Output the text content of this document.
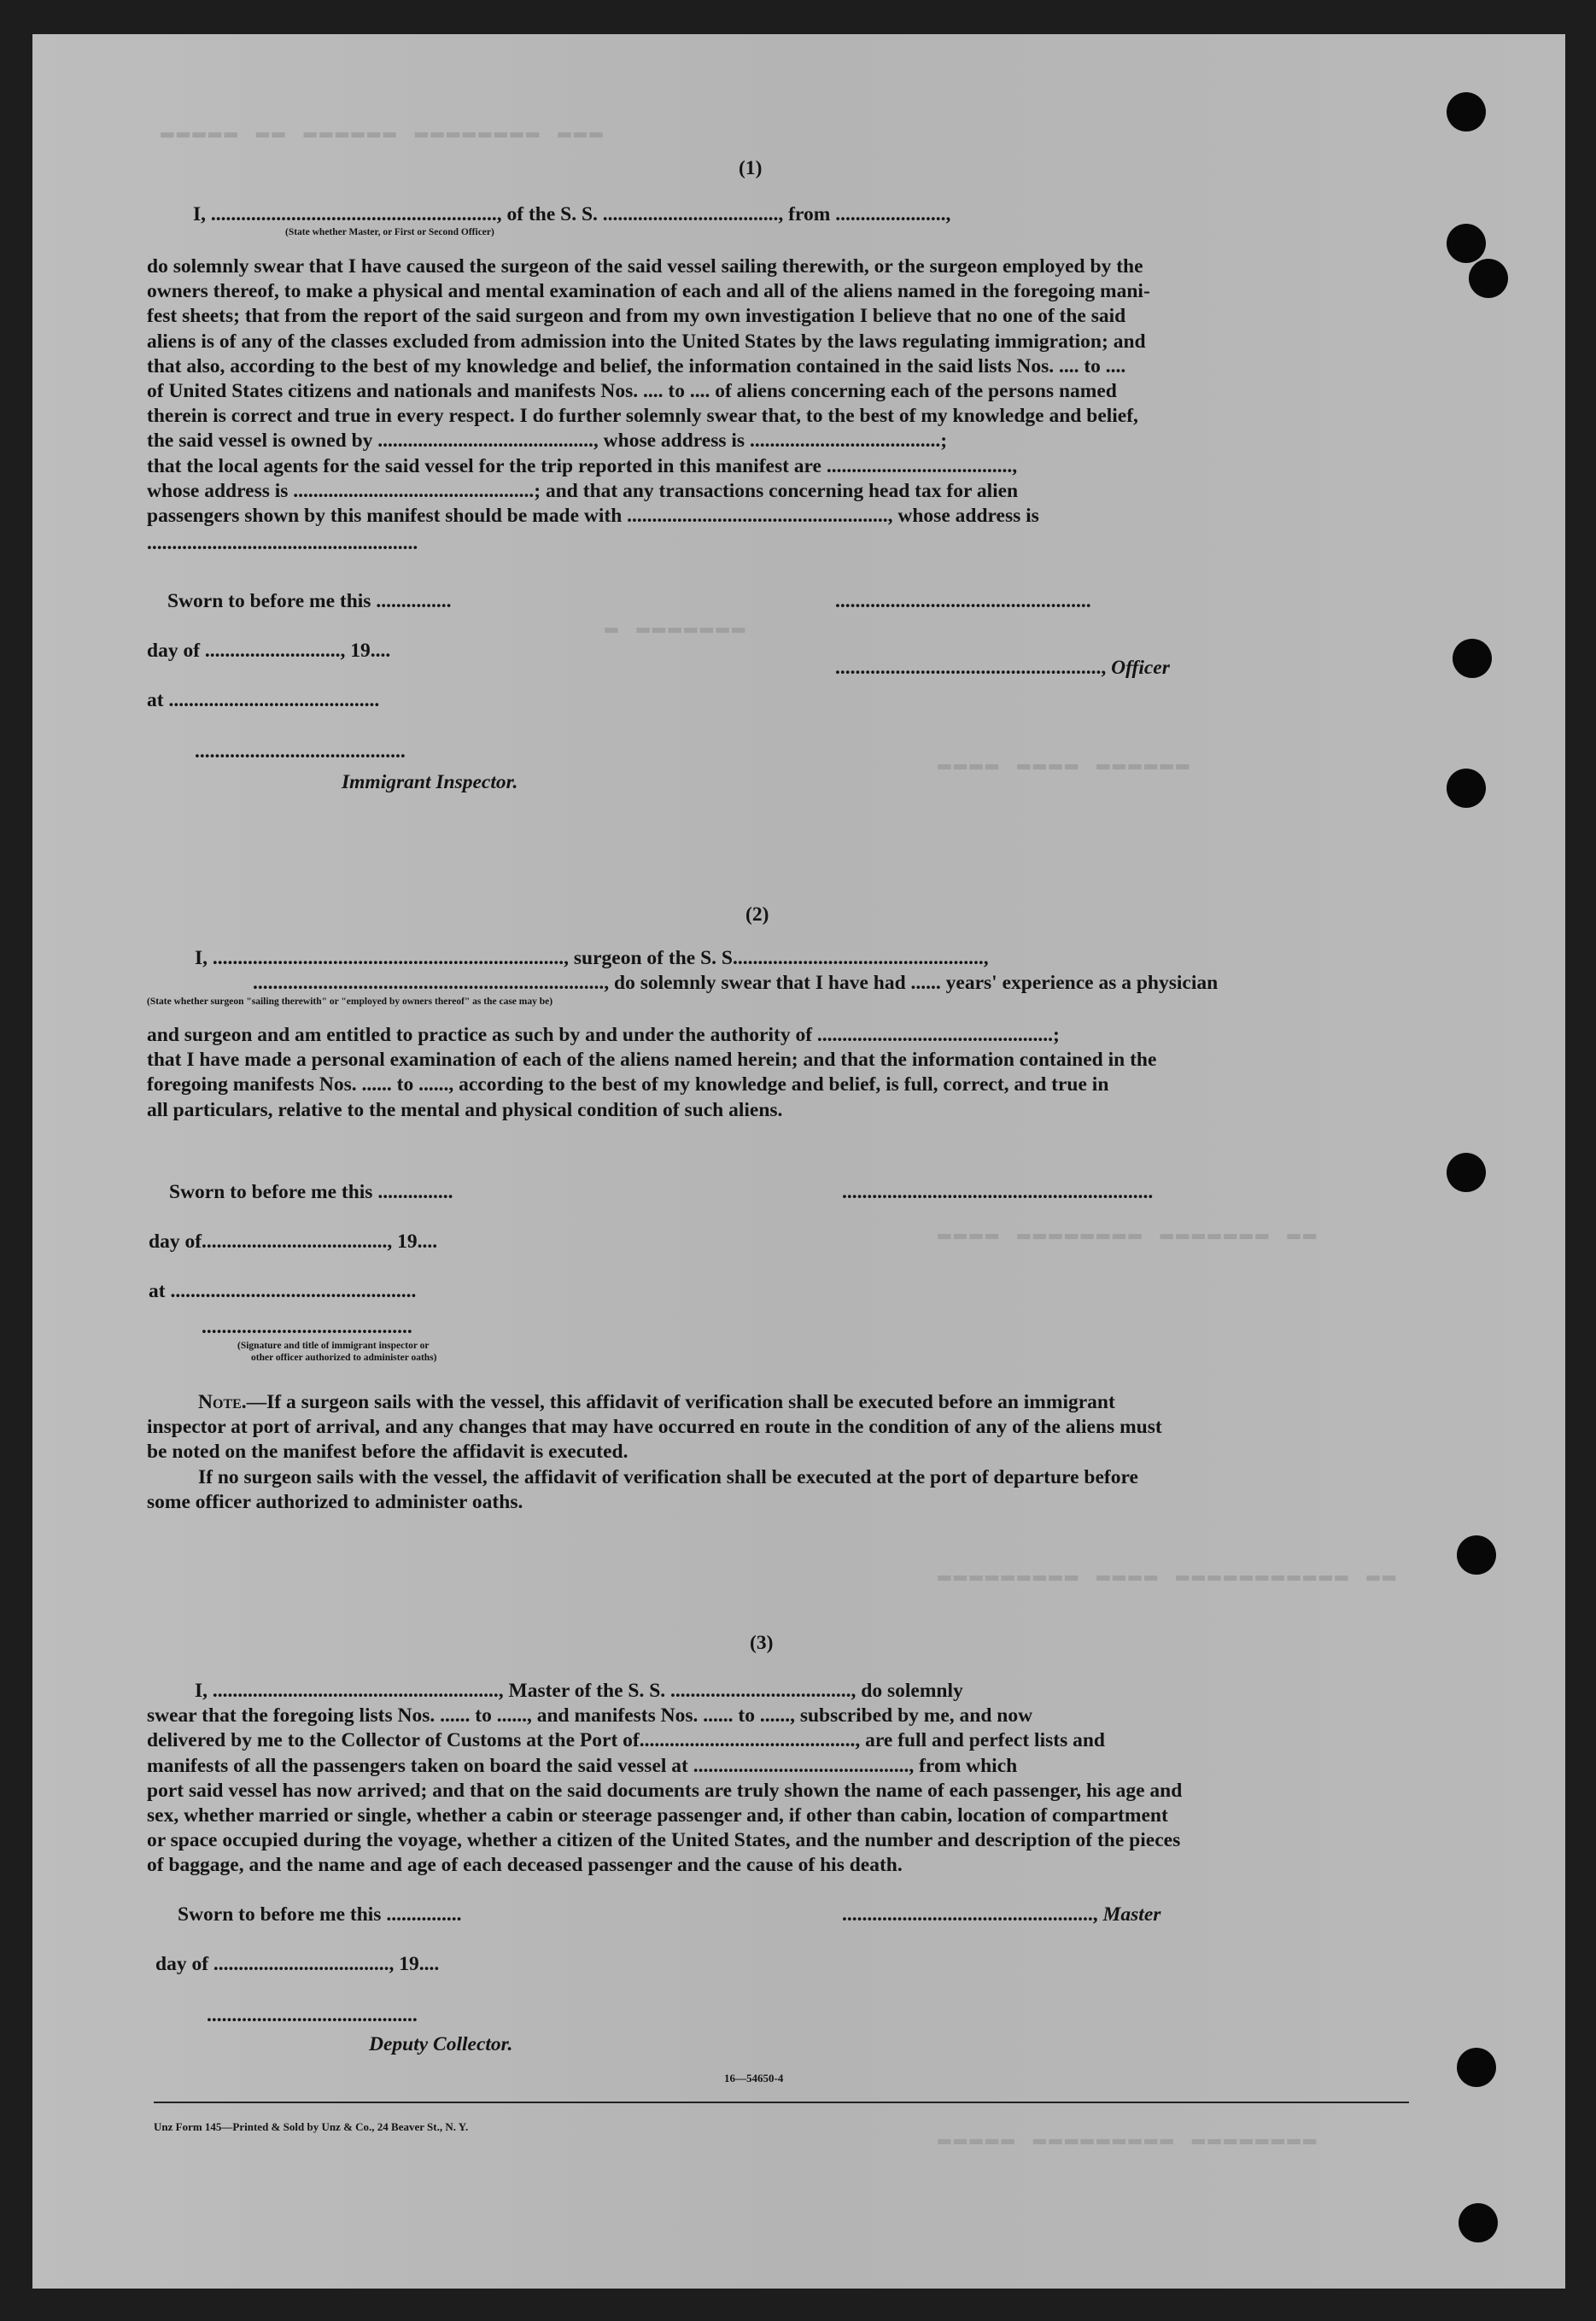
▬▬▬▬▬ ▬▬ ▬▬▬▬▬▬ ▬▬▬▬▬▬▬▬ ▬▬▬
▬ ▬▬▬▬▬▬▬
▬▬▬▬ ▬▬▬▬ ▬▬▬▬▬▬
▬▬▬▬ ▬▬▬▬▬▬▬▬ ▬▬▬▬▬▬▬ ▬▬
▬▬▬▬▬▬▬▬▬ ▬▬▬▬ ▬▬▬▬▬▬▬▬▬▬▬ ▬▬
▬▬▬▬▬ ▬▬▬▬▬▬▬▬▬ ▬▬▬▬▬▬▬▬
(1)
I, ........................................................., of the S. S. ..................................., from ......................,
(State whether Master, or First or Second Officer)

do solemnly swear that I have caused the surgeon of the said vessel sailing therewith, or the surgeon employed by the

owners thereof, to make a physical and mental examination of each and all of the aliens named in the foregoing mani-

fest sheets; that from the report of the said surgeon and from my own investigation I believe that no one of the said

aliens is of any of the classes excluded from admission into the United States by the laws regulating immigration; and

that also, according to the best of my knowledge and belief, the information contained in the said lists Nos. .... to ....

of United States citizens and nationals and manifests Nos. .... to .... of aliens concerning each of the persons named

therein is correct and true in every respect. I do further solemnly swear that, to the best of my knowledge and belief,

the said vessel is owned by ..........................................., whose address is ......................................;

that the local agents for the said vessel for the trip reported in this manifest are .....................................,

whose address is ................................................; and that any transactions concerning head tax for alien

passengers shown by this manifest should be made with ...................................................., whose address is

......................................................
Sworn to before me this ...............	...................................................
day of ..........................., 19....
....................................................., Officer
at ..........................................
..........................................
Immigrant Inspector.
(2)
I, ......................................................................, surgeon of the S. S..................................................,
......................................................................, do solemnly swear that I have had ...... years' experience as a physician
(State whether surgeon "sailing therewith" or "employed by owners thereof" as the case may be)

and surgeon and am entitled to practice as such by and under the authority of ...............................................;

that I have made a personal examination of each of the aliens named herein; and that the information contained in the

foregoing manifests Nos. ...... to ......, according to the best of my knowledge and belief, is full, correct, and true in

all particulars, relative to the mental and physical condition of such aliens.

Sworn to before me this ...............	..............................................................
day of....................................., 19....
at .................................................
..........................................
(Signature and title of immigrant inspector or
other officer authorized to administer oaths)

Note.—If a surgeon sails with the vessel, this affidavit of verification shall be executed before an immigrant

inspector at port of arrival, and any changes that may have occurred en route in the condition of any of the aliens must

be noted on the manifest before the affidavit is executed.

If no surgeon sails with the vessel, the affidavit of verification shall be executed at the port of departure before

some officer authorized to administer oaths.

(3)

I, ........................................................., Master of the S. S. ...................................., do solemnly

swear that the foregoing lists Nos. ...... to ......, and manifests Nos. ...... to ......, subscribed by me, and now

delivered by me to the Collector of Customs at the Port of..........................................., are full and perfect lists and

manifests of all the passengers taken on board the said vessel at ..........................................., from which

port said vessel has now arrived; and that on the said documents are truly shown the name of each passenger, his age and

sex, whether married or single, whether a cabin or steerage passenger and, if other than cabin, location of compartment

or space occupied during the voyage, whether a citizen of the United States, and the number and description of the pieces

of baggage, and the name and age of each deceased passenger and the cause of his death.

Sworn to before me this ...............	.................................................., Master
day of ..................................., 19....
..........................................
Deputy Collector.
16—54650-4
Unz Form 145—Printed & Sold by Unz & Co., 24 Beaver St., N. Y.
